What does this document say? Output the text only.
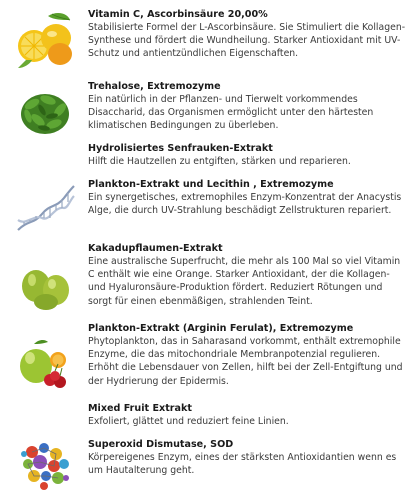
Vitamin C, Ascorbinsäure 20,00%
Stabilisierte Formel der L-Ascorbinsäure. Sie Stimuliert die Kollagen-Synthese und fördert die Wundheilung. Starker Antioxidant mit UV-Schutz und antientzündlichen Eigenschaften.
Trehalose, Extremozyme
Ein natürlich in der Pflanzen- und Tierwelt vorkommendes Disaccharid, das Organismen ermöglicht unter den härtesten klimatischen Bedingungen zu überleben.
Hydrolisiertes Senfrauken-Extrakt
Hilft die Hautzellen zu entgiften, stärken und reparieren.
Plankton-Extrakt und Lecithin , Extremozyme
Ein synergetisches, extremophiles Enzym-Konzentrat der Anacystis Alge, die durch UV-Strahlung beschädigt Zellstrukturen repariert.
Kakadupflaumen-Extrakt
Eine australische Superfrucht, die mehr als 100 Mal so viel Vitamin C enthält wie eine Orange. Starker Antioxidant, der die Kollagen- und Hyaluronsäure-Produktion fördert. Reduziert Rötungen und sorgt für einen ebenmäßigen, strahlenden Teint.
Plankton-Extrakt (Arginin Ferulat), Extremozyme
Phytoplankton, das in Saharasand vorkommt, enthält extremophile Enzyme, die das mitochondriale Membranpotenzial regulieren. Erhöht die Lebensdauer von Zellen, hilft bei der Zell-Entgiftung und der Hydrierung der Epidermis.
Mixed Fruit Extrakt
Exfoliert, glättet und reduziert feine Linien.
Superoxid Dismutase, SOD
Körpereigenes Enzym, eines der stärksten Antioxidantien wenn es um Hautalterung geht.
